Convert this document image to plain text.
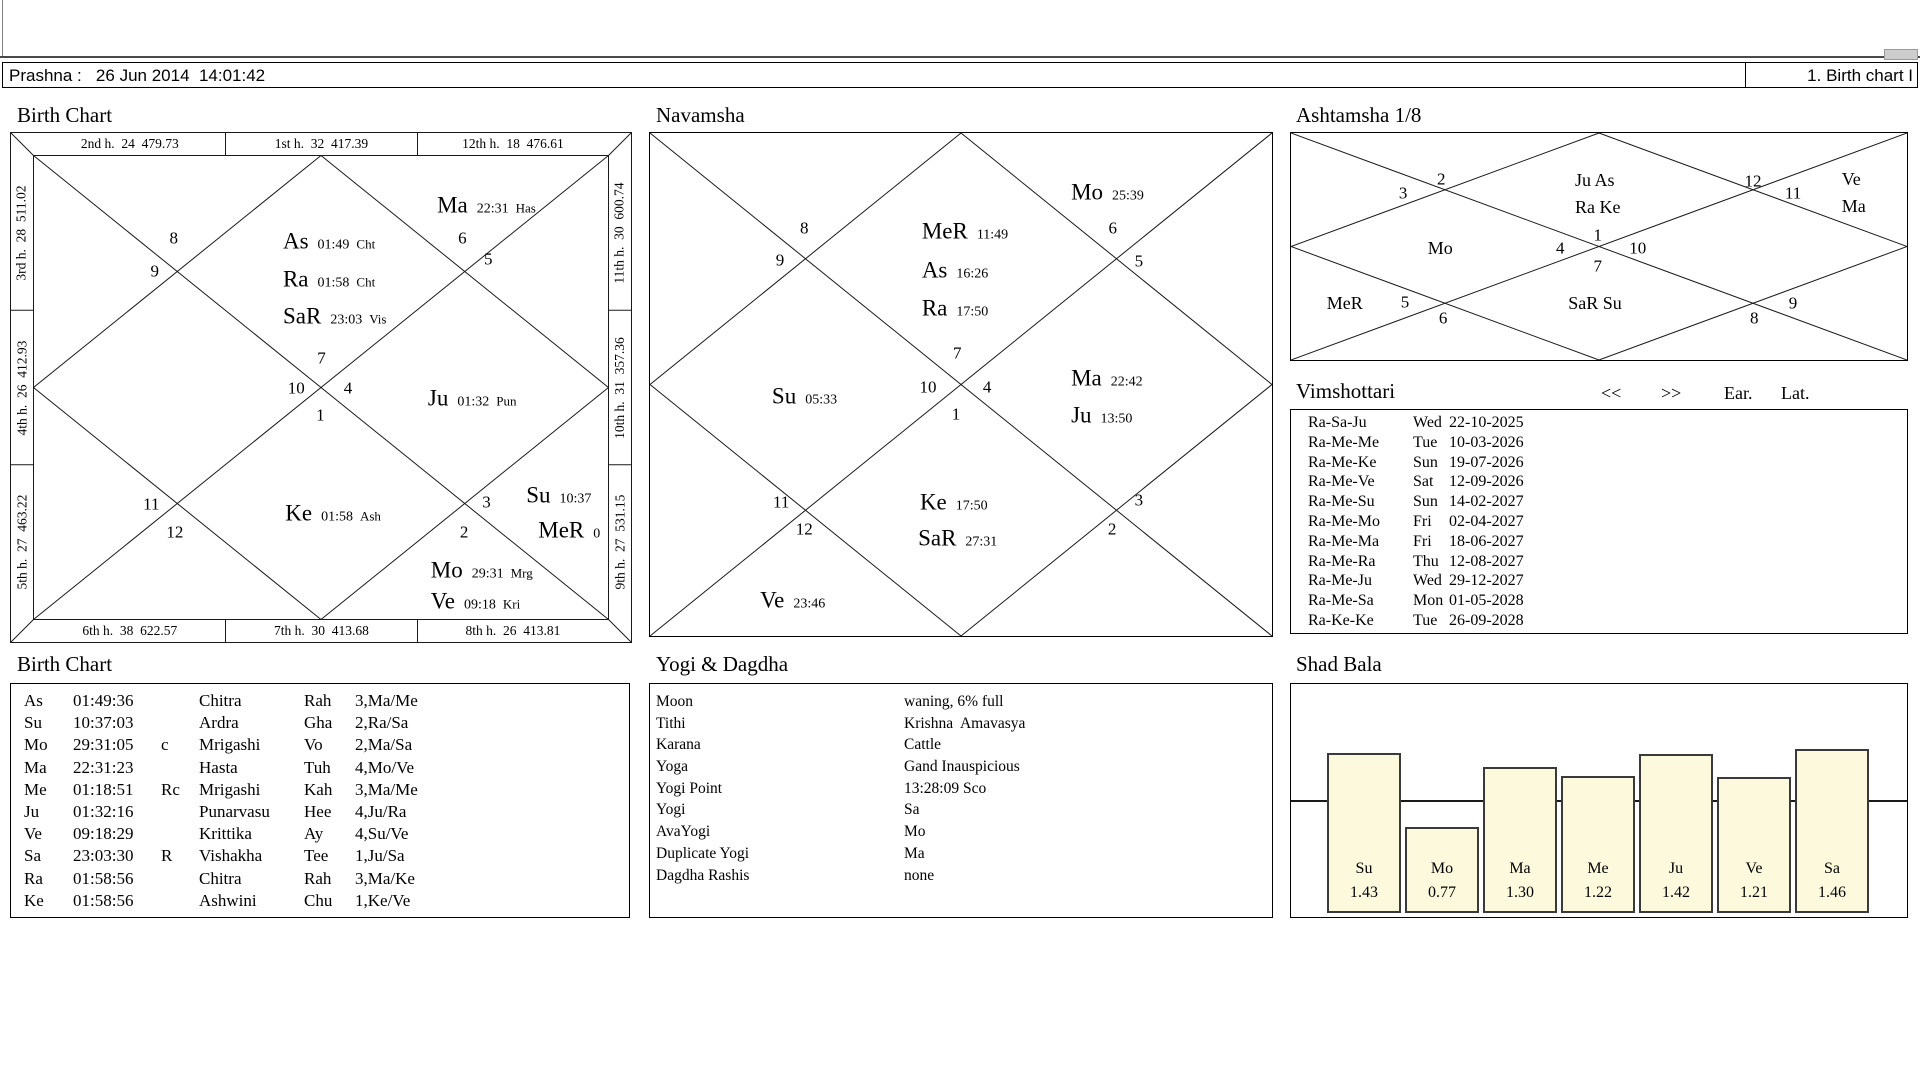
Prashna :   26 Jun 2014  14:01:42	1. Birth chart I
Birth Chart	Navamsha	Ashtamsha 1/8
2nd h.  24  479.73	1st h.  32  417.39	12th h.  18  476.61
6th h.  38  622.57	7th h.  30  413.68	8th h.  26  413.81
3rd h.  28  511.02
4th h.  26  412.93
5th h.  27  463.22
11th h.  30  600.74
10th h.  31  357.36
9th h.  27  531.15
Ma 22:31 Has
As 01:49 Cht
Ra 01:58 Cht
SaR 23:03 Vis
Ju 01:32 Pun
Ke 01:58 Ash
Su 10:37
MeR 0
Mo 29:31 Mrg
Ve 09:18 Kri
8
9
6
5
7
10 4
1
11
12
3
2
Mo 25:39
MeR 11:49
As 16:26
Ra 17:50
Su 05:33
Ma 22:42
Ju 13:50
Ke 17:50
SaR 27:31
Ve 23:46
8
9
6
5
7
10	4
1
11
12
3
2
2
3
12
11
1
4	10
7
5
6
9
8
Ju As
Ra Ke
Ve
Ma
Mo
MeR	SaR Su
Vimshottari	<< >> Ear. Lat.
Ra-Sa-Ju	Wed 22-10-2025
Ra-Me-Me Tue 10-03-2026
Ra-Me-Ke Sun 19-07-2026
Ra-Me-Ve Sat 12-09-2026
Ra-Me-Su Sun 14-02-2027
Ra-Me-Mo Fri 02-04-2027
Ra-Me-Ma Fri 18-06-2027
Ra-Me-Ra Thu 12-08-2027
Ra-Me-Ju	Wed 29-12-2027
Ra-Me-Sa Mon 01-05-2028
Ra-Ke-Ke Tue 26-09-2028
Birth Chart	Yogi & Dagdha	Shad Bala
As 01:49:36	Chitra	Rah 3,Ma/Me
Su 10:37:03	Ardra	Gha 2,Ra/Sa
Mo 29:31:05 c Mrigashi	Vo 2,Ma/Sa
Ma 22:31:23	Hasta	Tuh 4,Mo/Ve
Me 01:18:51 Rc Mrigashi	Kah 3,Ma/Me
Ju 01:32:16	Punarvasu Hee 4,Ju/Ra
Ve 09:18:29	Krittika	Ay 4,Su/Ve
Sa 23:03:30 R Vishakha Tee 1,Ju/Sa
Ra 01:58:56	Chitra	Rah 3,Ma/Ke
Ke 01:58:56	Ashwini	Chu 1,Ke/Ve
Moon	waning, 6% full
Tithi	Krishna  Amavasya
Karana	Cattle
Yoga	Gand Inauspicious
Yogi Point	13:28:09 Sco
Yogi	Sa
AvaYogi	Mo
Duplicate Yogi	Ma
Dagdha Rashis	none	Su
1.43
Mo
0.77
Ma
1.30
Me
1.22
Ju
1.42
Ve
1.21
Sa
1.46
